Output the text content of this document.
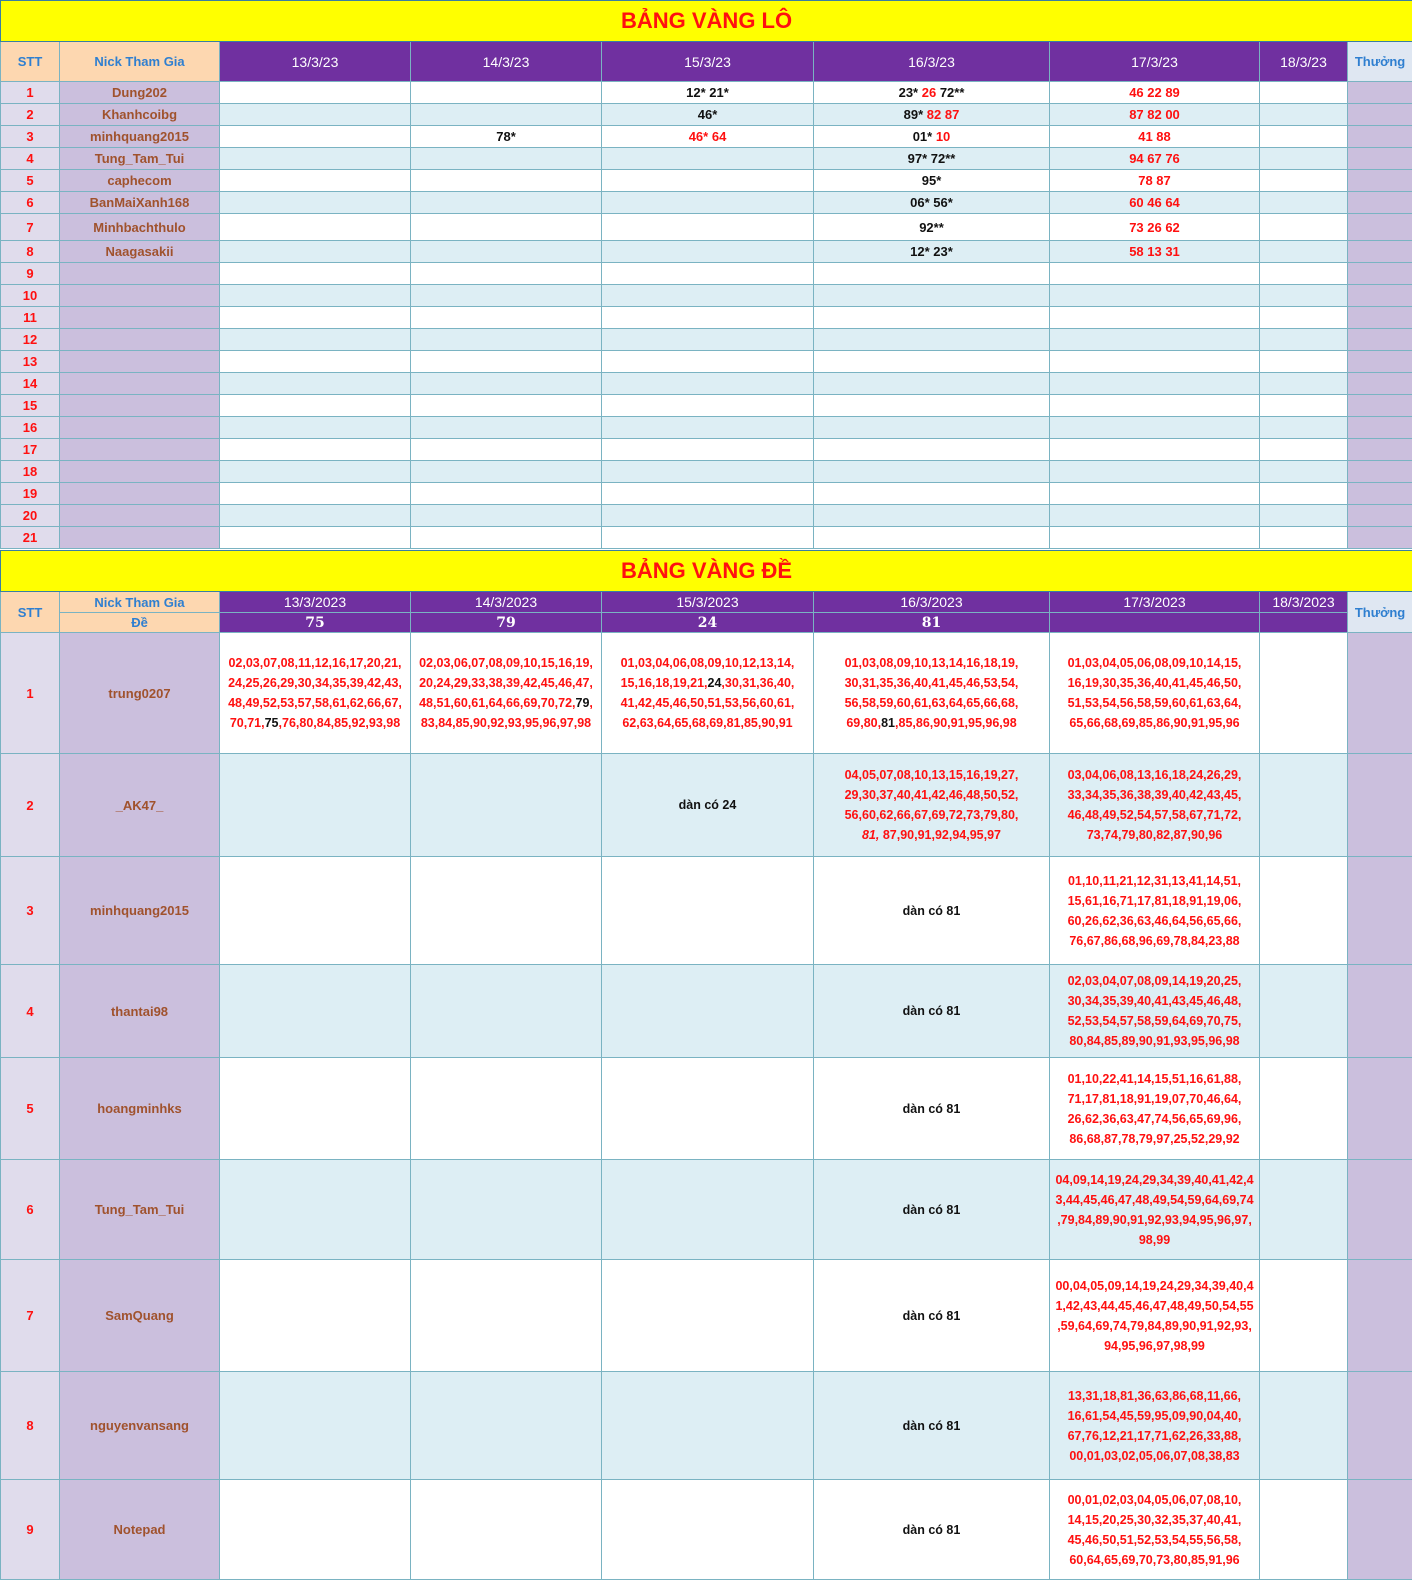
BẢNG VÀNG LÔ								
STT	Nick Tham Gia	13/3/23	14/3/23	15/3/23	16/3/23	17/3/23	18/3/23	Thưởng
1	Dung202			12* 21*	23* 26 72**	46 22 89		
2	Khanhcoibg			46*	89* 82 87	87 82 00		
3	minhquang2015		78*	46* 64	01* 10	41 88		
4	Tung_Tam_Tui				97* 72**	94 67 76		
5	caphecom				95*	78 87		
6	BanMaiXanh168				06* 56*	60 46 64		
7	Minhbachthulo				92**	73 26 62		
8	Naagasakii				12* 23*	58 13 31		
9								
10								
11								
12								
13								
14								
15								
16								
17								
18								
19								
20								
21								
BẢNG VÀNG ĐỀ								
STT	Nick Tham Gia	13/3/2023	14/3/2023	15/3/2023	16/3/2023	17/3/2023	18/3/2023	Thưởng
	Đề	75	79	24	81			
1	trung0207	02,03,07,08,11,12,16,17,20,21,
24,25,26,29,30,34,35,39,42,43,
48,49,52,53,57,58,61,62,66,67,
70,71,75,76,80,84,85,92,93,98	02,03,06,07,08,09,10,15,16,19,
20,24,29,33,38,39,42,45,46,47,
48,51,60,61,64,66,69,70,72,79,
83,84,85,90,92,93,95,96,97,98	01,03,04,06,08,09,10,12,13,14,
15,16,18,19,21,24,30,31,36,40,
41,42,45,46,50,51,53,56,60,61,
62,63,64,65,68,69,81,85,90,91	01,03,08,09,10,13,14,16,18,19,
30,31,35,36,40,41,45,46,53,54,
56,58,59,60,61,63,64,65,66,68,
69,80,81,85,86,90,91,95,96,98	01,03,04,05,06,08,09,10,14,15,
16,19,30,35,36,40,41,45,46,50,
51,53,54,56,58,59,60,61,63,64,
65,66,68,69,85,86,90,91,95,96		
2	_AK47_			dàn có 24	04,05,07,08,10,13,15,16,19,27,
29,30,37,40,41,42,46,48,50,52,
56,60,62,66,67,69,72,73,79,80,
81, 87,90,91,92,94,95,97	03,04,06,08,13,16,18,24,26,29,
33,34,35,36,38,39,40,42,43,45,
46,48,49,52,54,57,58,67,71,72,
73,74,79,80,82,87,90,96		
3	minhquang2015				dàn có 81	01,10,11,21,12,31,13,41,14,51,
15,61,16,71,17,81,18,91,19,06,
60,26,62,36,63,46,64,56,65,66,
76,67,86,68,96,69,78,84,23,88		
4	thantai98				dàn có 81	02,03,04,07,08,09,14,19,20,25,
30,34,35,39,40,41,43,45,46,48,
52,53,54,57,58,59,64,69,70,75,
80,84,85,89,90,91,93,95,96,98		
5	hoangminhks				dàn có 81	01,10,22,41,14,15,51,16,61,88,
71,17,81,18,91,19,07,70,46,64,
26,62,36,63,47,74,56,65,69,96,
86,68,87,78,79,97,25,52,29,92		
6	Tung_Tam_Tui				dàn có 81	04,09,14,19,24,29,34,39,40,41,42,4
3,44,45,46,47,48,49,54,59,64,69,74
,79,84,89,90,91,92,93,94,95,96,97,
98,99		
7	SamQuang				dàn có 81	00,04,05,09,14,19,24,29,34,39,40,4
1,42,43,44,45,46,47,48,49,50,54,55
,59,64,69,74,79,84,89,90,91,92,93,
94,95,96,97,98,99		
8	nguyenvansang				dàn có 81	13,31,18,81,36,63,86,68,11,66,
16,61,54,45,59,95,09,90,04,40,
67,76,12,21,17,71,62,26,33,88,
00,01,03,02,05,06,07,08,38,83		
9	Notepad				dàn có 81	00,01,02,03,04,05,06,07,08,10,
14,15,20,25,30,32,35,37,40,41,
45,46,50,51,52,53,54,55,56,58,
60,64,65,69,70,73,80,85,91,96		
